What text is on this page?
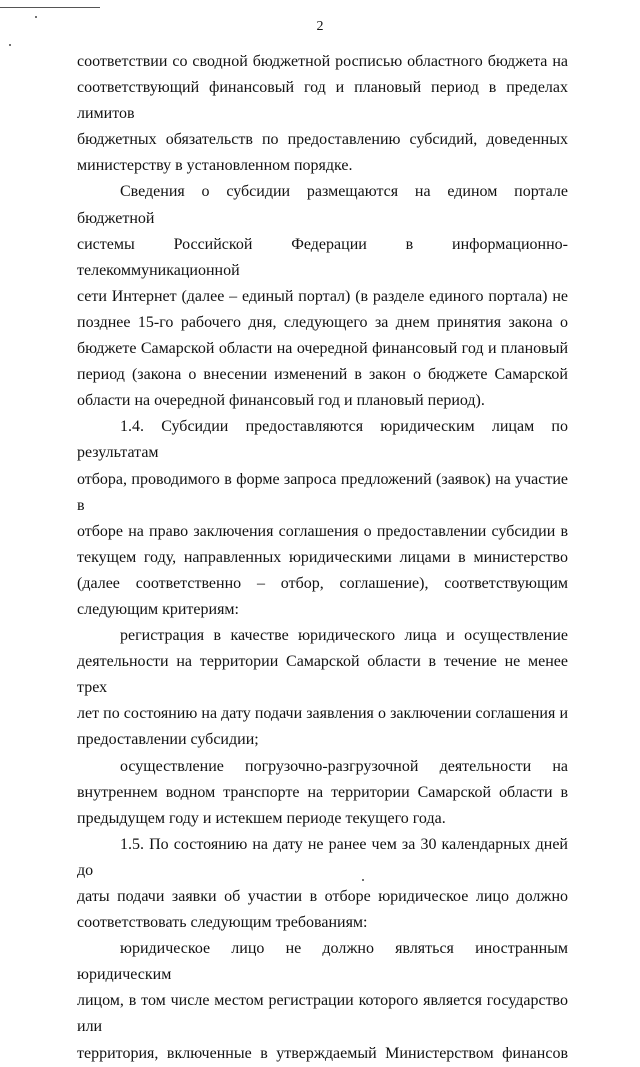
2

соответствии со сводной бюджетной росписью областного бюджета на

соответствующий финансовый год и плановый период в пределах лимитов

бюджетных обязательств по предоставлению субсидий, доведенных

министерству в установленном порядке.

Сведения о субсидии размещаются на едином портале бюджетной

системы Российской Федерации в информационно-телекоммуникационной

сети Интернет (далее – единый портал) (в разделе единого портала) не

позднее 15-го рабочего дня, следующего за днем принятия закона о

бюджете Самарской области на очередной финансовый год и плановый

период (закона о внесении изменений в закон о бюджете Самарской

области на очередной финансовый год и плановый период).

1.4. Субсидии предоставляются юридическим лицам по результатам

отбора, проводимого в форме запроса предложений (заявок) на участие в

отборе на право заключения соглашения о предоставлении субсидии в

текущем году, направленных юридическими лицами в министерство

(далее соответственно – отбор, соглашение), соответствующим

следующим критериям:

регистрация в качестве юридического лица и осуществление

деятельности на территории Самарской области в течение не менее трех

лет по состоянию на дату подачи заявления о заключении соглашения и

предоставлении субсидии;

осуществление погрузочно-разгрузочной деятельности на

внутреннем водном транспорте на территории Самарской области в

предыдущем году и истекшем периоде текущего года.

1.5. По состоянию на дату не ранее чем за 30 календарных дней до

даты подачи заявки об участии в отборе юридическое лицо должно

соответствовать следующим требованиям:

юридическое лицо не должно являться иностранным юридическим

лицом, в том числе местом регистрации которого является государство или

территория, включенные в утверждаемый Министерством финансов
